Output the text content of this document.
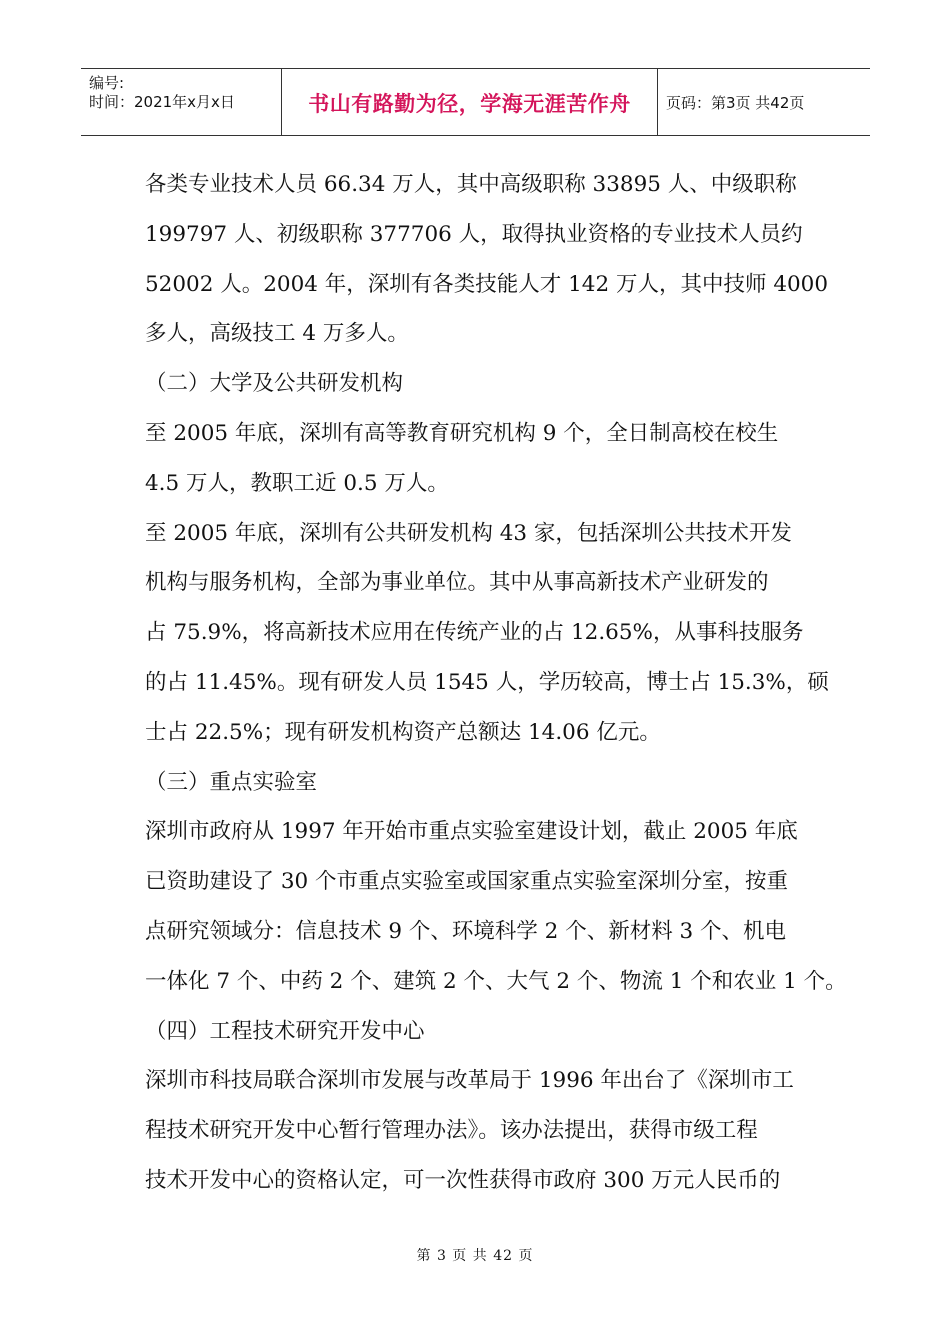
编号:
时间：2021年x月x日	书山有路勤为径，学海无涯苦作舟 页码：第3页 共42页

各类专业技术人员 66.34 万人，其中高级职称 33895 人、中级职称

199797 人、初级职称 377706 人，取得执业资格的专业技术人员约

52002 人。2004 年，深圳有各类技能人才 142 万人，其中技师 4000

多人，高级技工 4 万多人。

（二）大学及公共研发机构

至 2005 年底，深圳有高等教育研究机构 9 个，全日制高校在校生

4.5 万人，教职工近 0.5 万人。

至 2005 年底，深圳有公共研发机构 43 家，包括深圳公共技术开发

机构与服务机构，全部为事业单位。其中从事高新技术产业研发的

占 75.9%，将高新技术应用在传统产业的占 12.65%，从事科技服务

的占 11.45%。现有研发人员 1545 人，学历较高，博士占 15.3%，硕

士占 22.5%；现有研发机构资产总额达 14.06 亿元。

（三）重点实验室

深圳市政府从 1997 年开始市重点实验室建设计划，截止 2005 年底

已资助建设了 30 个市重点实验室或国家重点实验室深圳分室，按重

点研究领域分：信息技术 9 个、环境科学 2 个、新材料 3 个、机电

一体化 7 个、中药 2 个、建筑 2 个、大气 2 个、物流 1 个和农业 1 个。

（四）工程技术研究开发中心

深圳市科技局联合深圳市发展与改革局于 1996 年出台了《深圳市工

程技术研究开发中心暂行管理办法》。该办法提出，获得市级工程

技术开发中心的资格认定，可一次性获得市政府 300 万元人民币的

第 3 页 共 42 页
